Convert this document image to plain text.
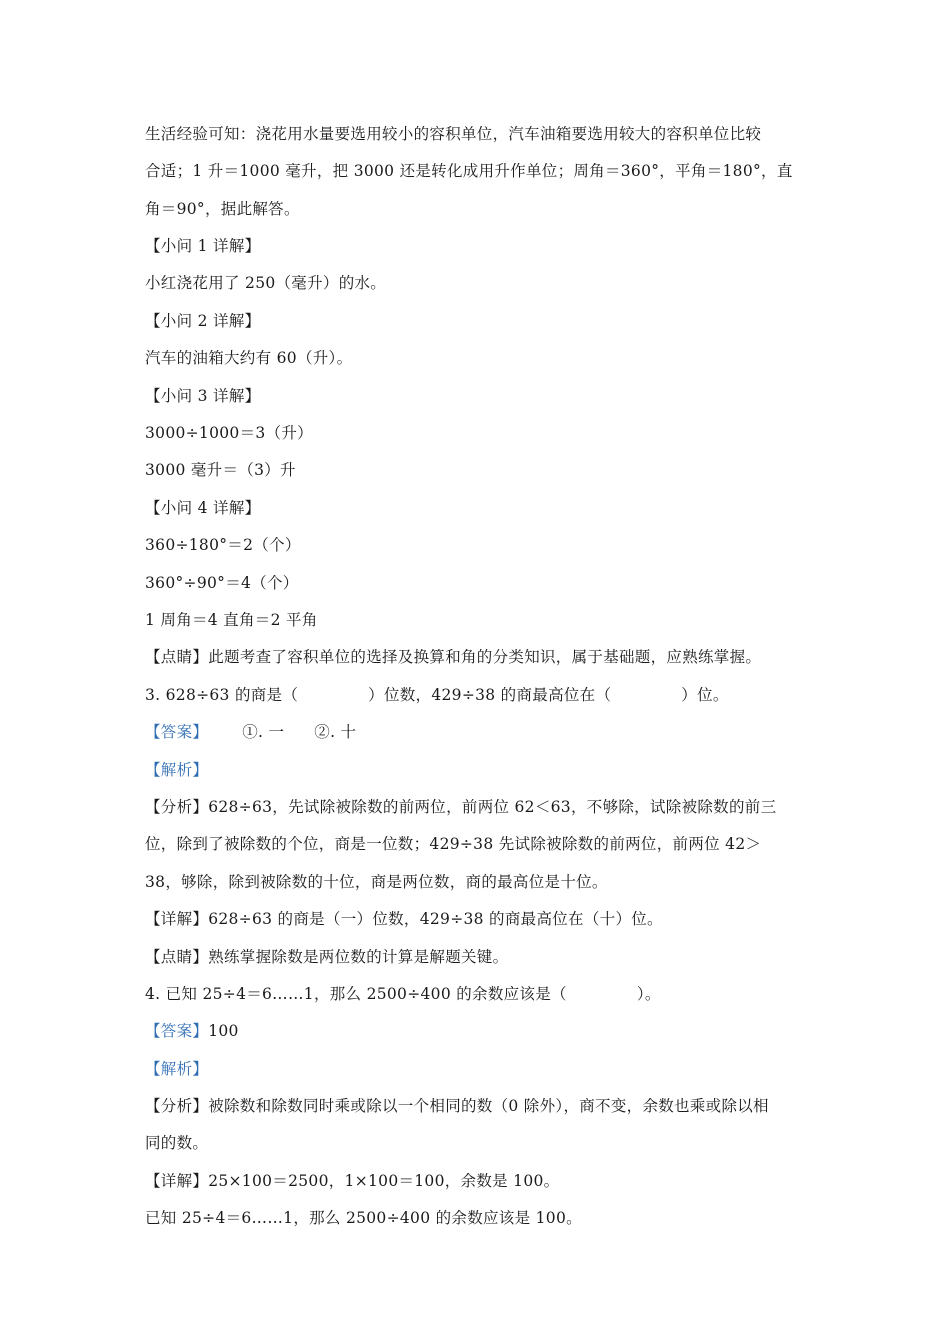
生活经验可知：浇花用水量要选用较小的容积单位，汽车油箱要选用较大的容积单位比较
合适；1 升＝1000 毫升，把 3000 还是转化成用升作单位；周角＝360°，平角＝180°，直
角＝90°，据此解答。
【小问 1 详解】
小红浇花用了 250（毫升）的水。
【小问 2 详解】
汽车的油箱大约有 60（升）。
【小问 3 详解】
3000÷1000＝3（升）
3000 毫升＝（3）升
【小问 4 详解】
360÷180°＝2（个）
360°÷90°＝4（个）
1 周角＝4 直角＝2 平角
【点睛】此题考查了容积单位的选择及换算和角的分类知识，属于基础题，应熟练掌握。
3. 628÷63 的商是（	）位数，429÷38 的商最高位在（	）位。
【答案】 ①. 一 ②. 十
【解析】
【分析】628÷63，先试除被除数的前两位，前两位 62＜63，不够除，试除被除数的前三
位，除到了被除数的个位，商是一位数；429÷38 先试除被除数的前两位，前两位 42＞
38，够除，除到被除数的十位，商是两位数，商的最高位是十位。
【详解】628÷63 的商是（一）位数，429÷38 的商最高位在（十）位。
【点睛】熟练掌握除数是两位数的计算是解题关键。
4. 已知 25÷4＝6……1，那么 2500÷400 的余数应该是（	）。
【答案】100
【解析】
【分析】被除数和除数同时乘或除以一个相同的数（0 除外），商不变，余数也乘或除以相
同的数。
【详解】25×100＝2500，1×100＝100，余数是 100。
已知 25÷4＝6……1，那么 2500÷400 的余数应该是 100。
